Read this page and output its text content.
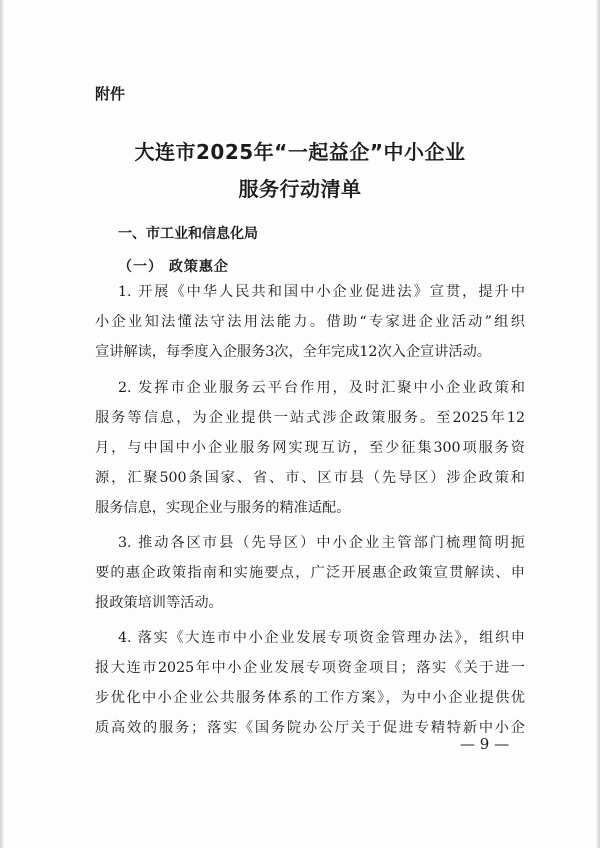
附件

大连市2025年“一起益企”中小企业
服务行动清单
一、市工业和信息化局
（一） 政策惠企

1. 开展《中华人民共和国中小企业促进法》宣贯，提升中

小企业知法懂法守法用法能力。借助“专家进企业活动”组织

宣讲解读，每季度入企服务3次，全年完成12次入企宣讲活动。

2. 发挥市企业服务云平台作用，及时汇聚中小企业政策和

服务等信息，为企业提供一站式涉企政策服务。至2025年12

月，与中国中小企业服务网实现互访，至少征集300项服务资

源，汇聚500条国家、省、市、区市县（先导区）涉企政策和

服务信息，实现企业与服务的精准适配。

3. 推动各区市县（先导区）中小企业主管部门梳理简明扼

要的惠企政策指南和实施要点，广泛开展惠企政策宣贯解读、申

报政策培训等活动。

4. 落实《大连市中小企业发展专项资金管理办法》，组织申

报大连市2025年中小企业发展专项资金项目；落实《关于进一

步优化中小企业公共服务体系的工作方案》，为中小企业提供优

质高效的服务；落实《国务院办公厅关于促进专精特新中小企

— 9 —
